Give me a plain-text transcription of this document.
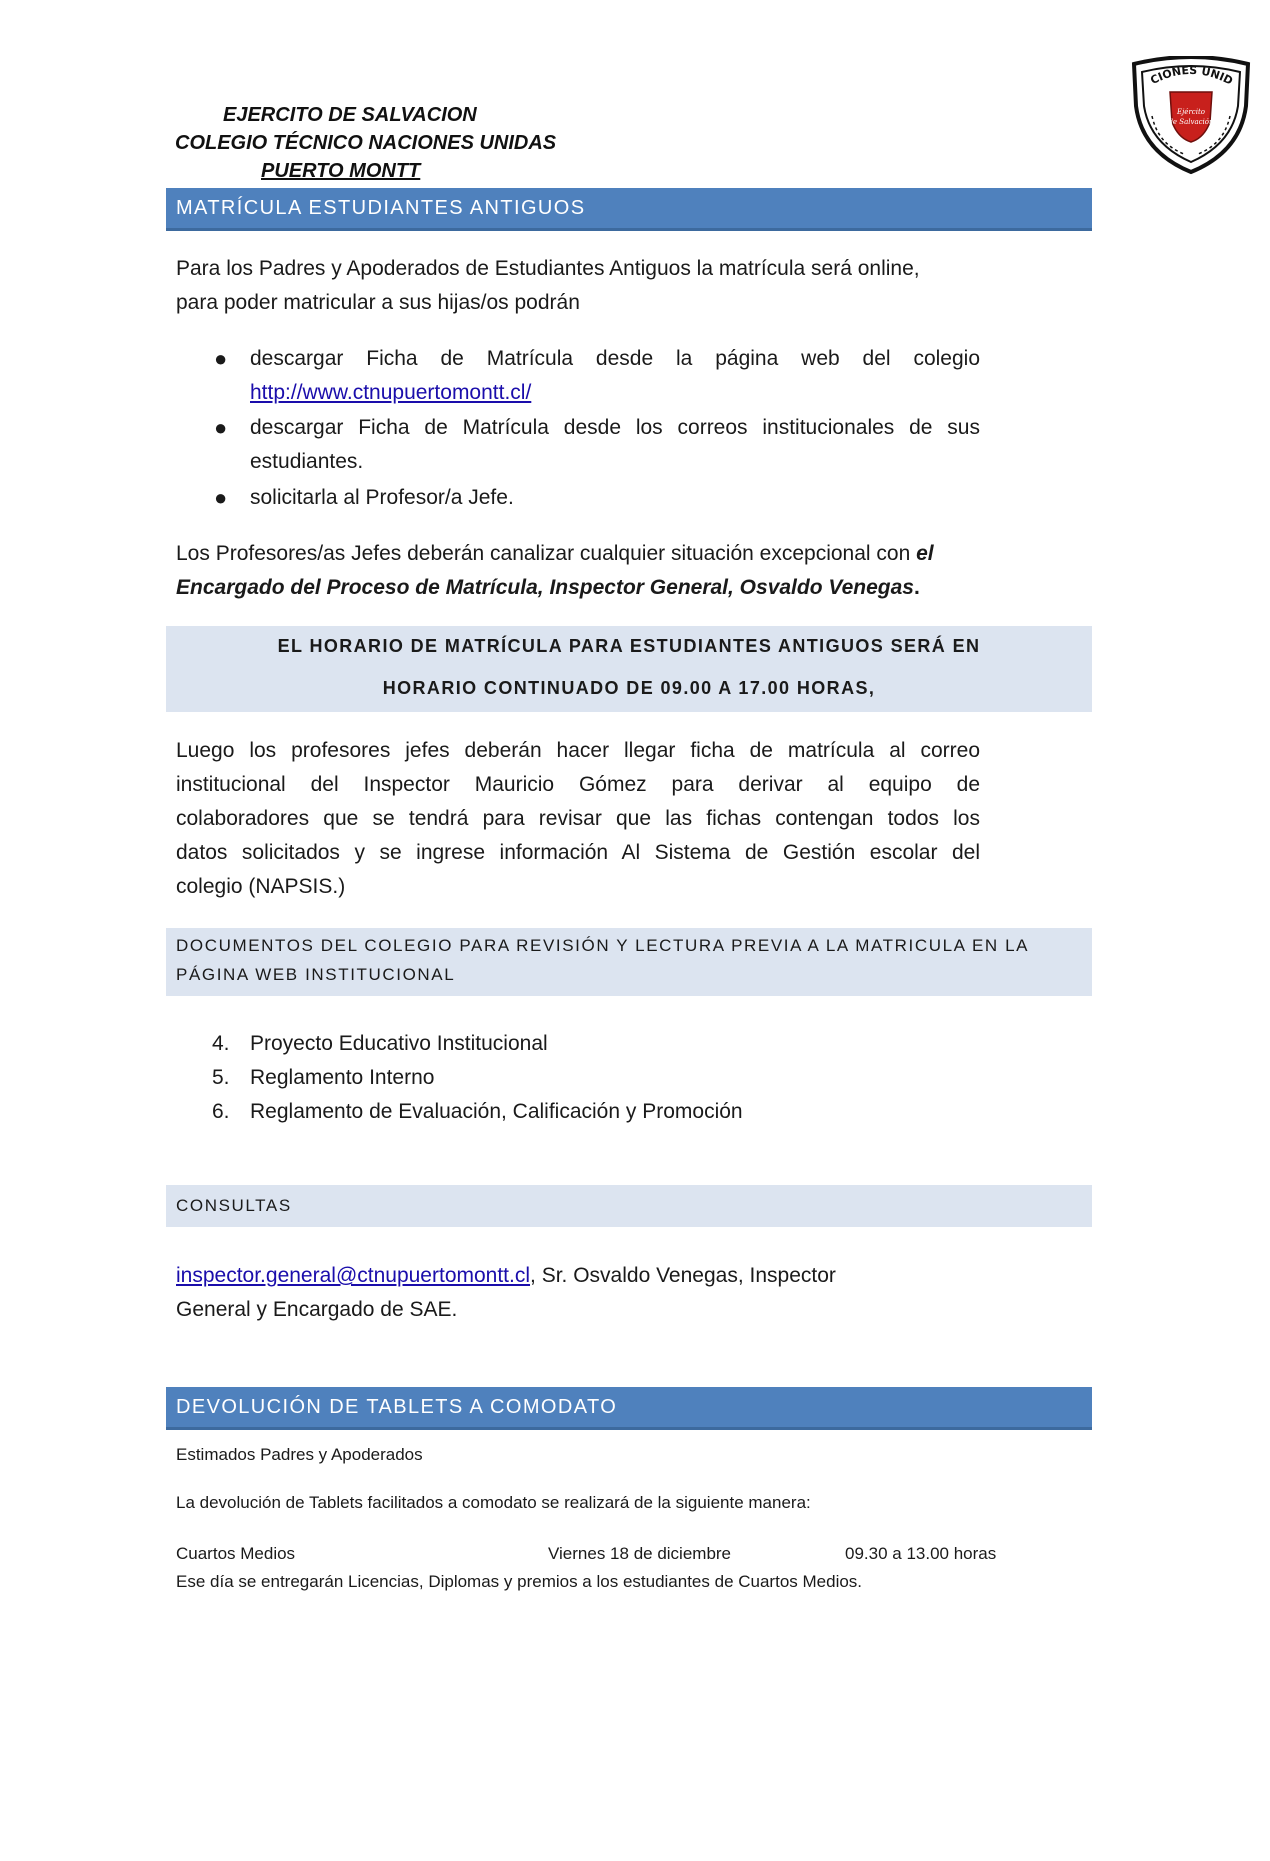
EJERCITO DE SALVACION
COLEGIO TÉCNICO NACIONES UNIDAS
PUERTO MONTT
CIONES UNID
Ejército
de Salvación
MATRÍCULA ESTUDIANTES ANTIGUOS
Para los Padres y Apoderados de Estudiantes Antiguos la matrícula será online,
para poder matricular a sus hijas/os podrán
● descargar Ficha de Matrícula desde la página web del colegio
http://www.ctnupuertomontt.cl/
● descargar Ficha de Matrícula desde los correos institucionales de sus estudiantes.
● solicitarla al Profesor/a Jefe.
Los Profesores/as Jefes deberán canalizar cualquier situación excepcional con el
Encargado del Proceso de Matrícula, Inspector General, Osvaldo Venegas.
EL HORARIO DE MATRÍCULA PARA ESTUDIANTES ANTIGUOS SERÁ EN
HORARIO CONTINUADO DE 09.00 A 17.00 HORAS,
Luego los profesores jefes deberán hacer llegar ficha de matrícula al correo
institucional del Inspector Mauricio Gómez para derivar al equipo de
colaboradores que se tendrá para revisar que las fichas contengan todos los
datos solicitados y se ingrese información Al Sistema de Gestión escolar del
colegio (NAPSIS.)
DOCUMENTOS DEL COLEGIO PARA REVISIÓN Y LECTURA PREVIA A LA MATRICULA EN LA
PÁGINA WEB INSTITUCIONAL
4. Proyecto Educativo Institucional
5. Reglamento Interno
6. Reglamento de Evaluación, Calificación y Promoción
CONSULTAS
inspector.general@ctnupuertomontt.cl, Sr. Osvaldo Venegas, Inspector
General y Encargado de SAE.
DEVOLUCIÓN DE TABLETS A COMODATO
Estimados Padres y Apoderados
La devolución de Tablets facilitados a comodato se realizará de la siguiente manera:
Cuartos Medios	Viernes 18 de diciembre	09.30 a 13.00 horas
Ese día se entregarán Licencias, Diplomas y premios a los estudiantes de Cuartos Medios.
